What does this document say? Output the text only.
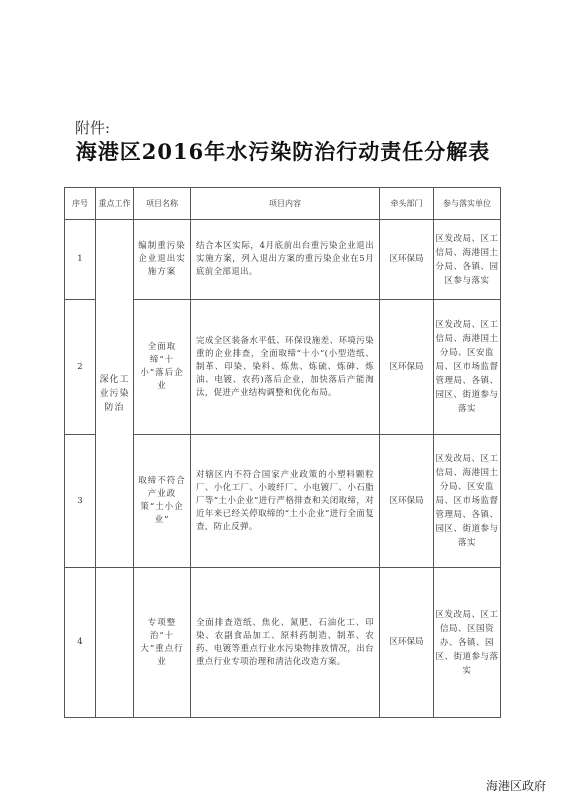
附件:
海港区2016年水污染防治行动责任分解表
序号	重点工作	项目名称	项目内容	牵头部门	参与落实单位
1	深化工业污染防治	编制重污染企业退出实施方案	结合本区实际，4月底前出台重污染企业退出实施方案，列入退出方案的重污染企业在5月底前全部退出。	区环保局	区发改局、区工信局、海港国土分局、各镇、园区参与落实
2		全面取缔“十小”落后企业	完成全区装备水平低、环保设施差、环境污染重的企业排查，全面取缔“十小”(小型造纸、制革、印染、染料、炼焦、炼硫、炼砷、炼油、电镀、农药)落后企业，加快落后产能淘汰，促进产业结构调整和优化布局。	区环保局	区发改局、区工信局、海港国土分局、区安监局、区市场监督管理局、各镇、园区、街道参与落实
3		取缔不符合产业政策“土小企业”	对辖区内不符合国家产业政策的小塑料颗粒厂、小化工厂、小玻纤厂、小电镀厂、小石脂厂等“土小企业”进行严格排查和关闭取缔，对近年来已经关停取缔的“土小企业”进行全面复查，防止反弹。	区环保局	区发改局、区工信局、海港国土分局、区安监局、区市场监督管理局、各镇、园区、街道参与落实
4		专项整治“十大”重点行业	全面排查造纸、焦化、氮肥、石油化工、印染、农副食品加工、原料药制造、制革、农药、电镀等重点行业水污染物排放情况，出台重点行业专项治理和清洁化改造方案。	区环保局	区发改局、区工信局、区国资办、各镇、园区、街道参与落实
海港区政府
